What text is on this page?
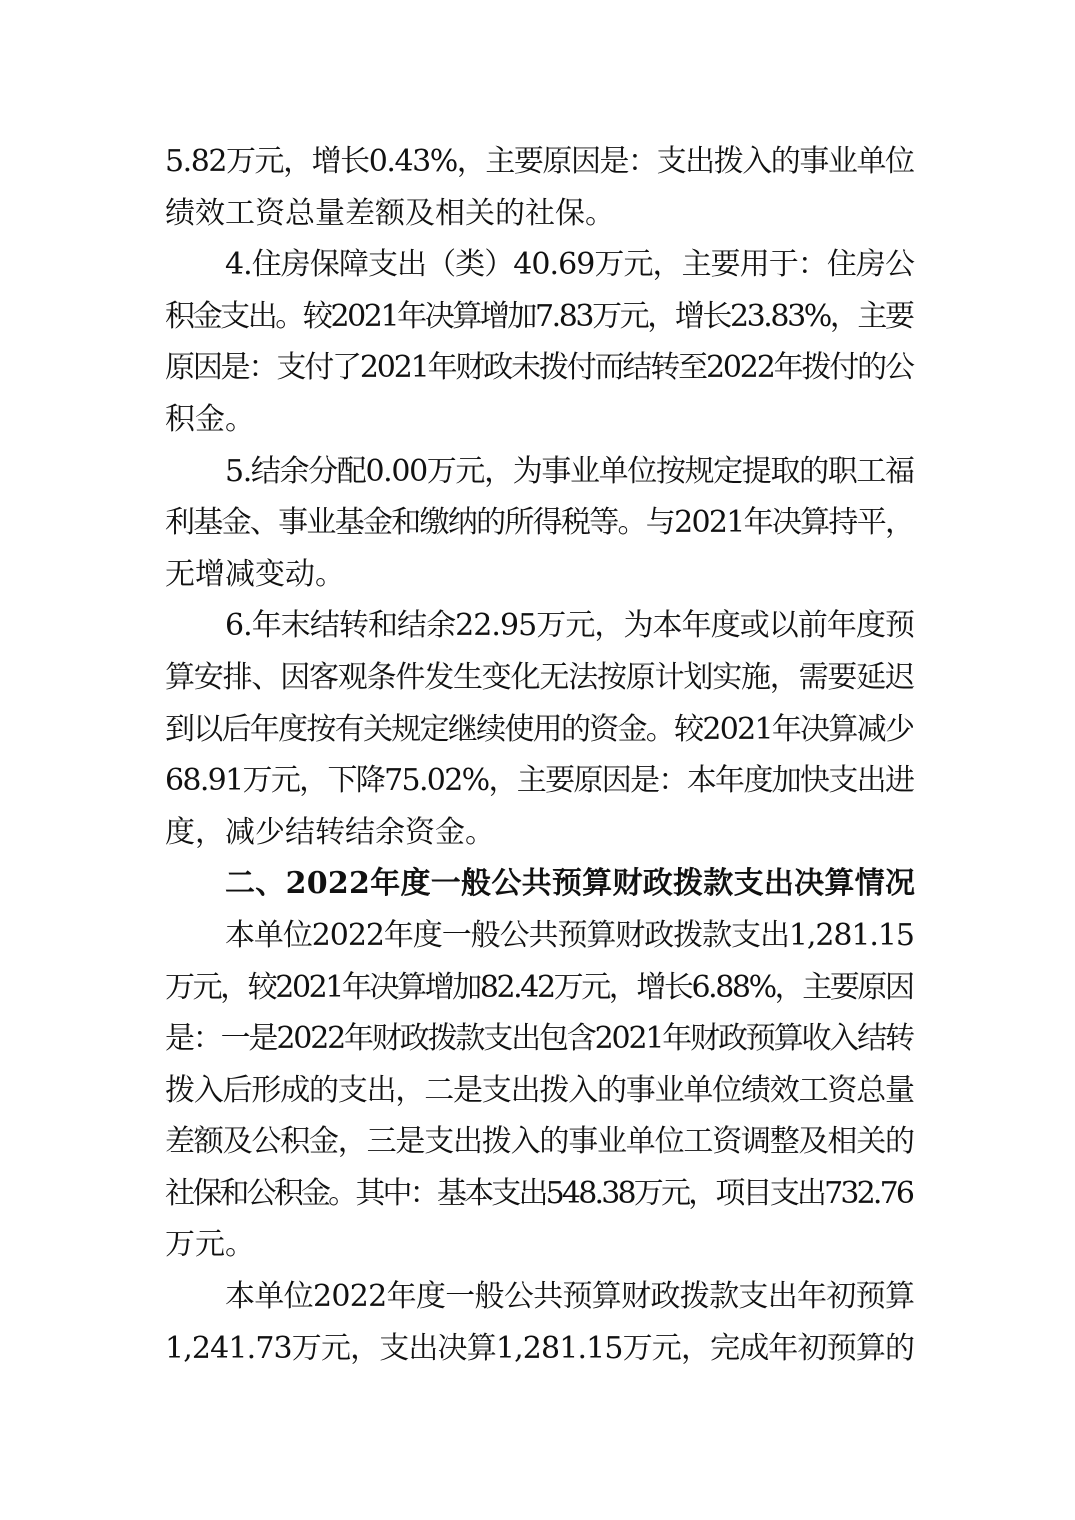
5.82万元，增长0.43%，主要原因是：支出拨入的事业单位
绩效工资总量差额及相关的社保。
4.住房保障支出（类）40.69万元，主要用于：住房公
积金支出。较2021年决算增加7.83万元，增长23.83%，主要
原因是：支付了2021年财政未拨付而结转至2022年拨付的公
积金。
5.结余分配0.00万元，为事业单位按规定提取的职工福
利基金、事业基金和缴纳的所得税等。与2021年决算持平，
无增减变动。
6.年末结转和结余22.95万元，为本年度或以前年度预
算安排、因客观条件发生变化无法按原计划实施，需要延迟
到以后年度按有关规定继续使用的资金。较2021年决算减少
68.91万元，下降75.02%，主要原因是：本年度加快支出进
度，减少结转结余资金。
二、2022年度一般公共预算财政拨款支出决算情况
本单位2022年度一般公共预算财政拨款支出1,281.15
万元，较2021年决算增加82.42万元，增长6.88%，主要原因
是：一是2022年财政拨款支出包含2021年财政预算收入结转
拨入后形成的支出，二是支出拨入的事业单位绩效工资总量
差额及公积金，三是支出拨入的事业单位工资调整及相关的
社保和公积金。其中：基本支出548.38万元，项目支出732.76
万元。
本单位2022年度一般公共预算财政拨款支出年初预算
1,241.73万元，支出决算1,281.15万元，完成年初预算的
